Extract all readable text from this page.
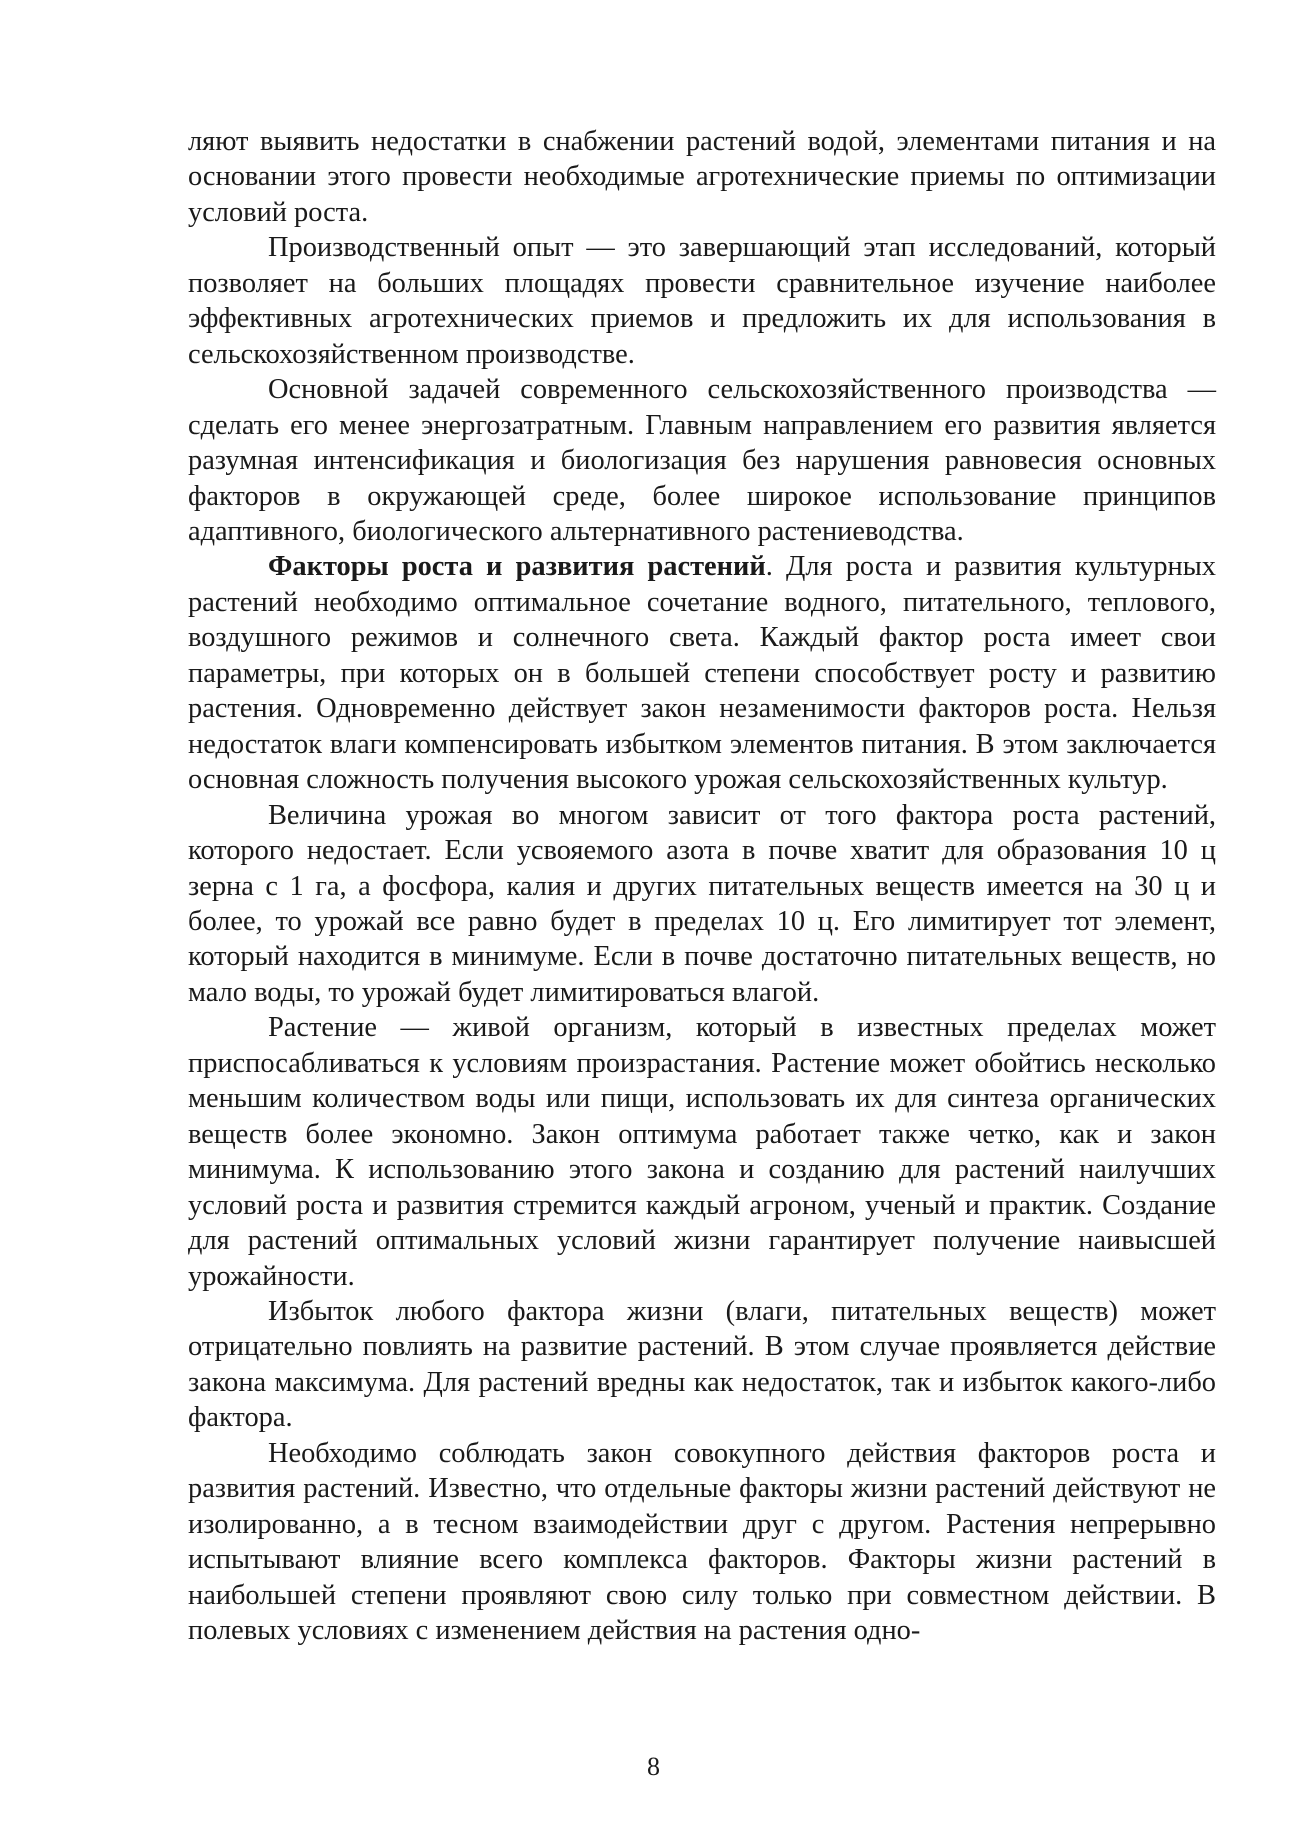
ляют выявить недостатки в снабжении растений водой, элементами питания и на основании этого провести необходимые агротехнические приемы по оптимизации условий роста.

Производственный опыт — это завершающий этап исследований, который позволяет на больших площадях провести сравнительное изучение наиболее эффективных агротехнических приемов и предложить их для использования в сельскохозяйственном производстве.

Основной задачей современного сельскохозяйственного производства — сделать его менее энергозатратным. Главным направлением его развития является разумная интенсификация и биологизация без нарушения равновесия основных факторов в окружающей среде, более широкое использование принципов адаптивного, биологического альтернативного растениеводства.

Факторы роста и развития растений. Для роста и развития культурных растений необходимо оптимальное сочетание водного, питательного, теплового, воздушного режимов и солнечного света. Каждый фактор роста имеет свои параметры, при которых он в большей степени способствует росту и развитию растения. Одновременно действует закон незаменимости факторов роста. Нельзя недостаток влаги компенсировать избытком элементов питания. В этом заключается основная сложность получения высокого урожая сельскохозяйственных культур.

Величина урожая во многом зависит от того фактора роста растений, которого недостает. Если усвояемого азота в почве хватит для образования 10 ц зерна с 1 га, а фосфора, калия и других питательных веществ имеется на 30 ц и более, то урожай все равно будет в пределах 10 ц. Его лимитирует тот элемент, который находится в минимуме. Если в почве достаточно питательных веществ, но мало воды, то урожай будет лимитироваться влагой.

Растение — живой организм, который в известных пределах может приспосабливаться к условиям произрастания. Растение может обойтись несколько меньшим количеством воды или пищи, использовать их для синтеза органических веществ более экономно. Закон оптимума работает также четко, как и закон минимума. К использованию этого закона и созданию для растений наилучших условий роста и развития стремится каждый агроном, ученый и практик. Создание для растений оптимальных условий жизни гарантирует получение наивысшей урожайности.

Избыток любого фактора жизни (влаги, питательных веществ) может отрицательно повлиять на развитие растений. В этом случае проявляется действие закона максимума. Для растений вредны как недостаток, так и избыток какого-либо фактора.

Необходимо соблюдать закон совокупного действия факторов роста и развития растений. Известно, что отдельные факторы жизни растений действуют не изолированно, а в тесном взаимодействии друг с другом. Растения непрерывно испытывают влияние всего комплекса факторов. Факторы жизни растений в наибольшей степени проявляют свою силу только при совместном действии. В полевых условиях с изменением действия на растения одно-

8
